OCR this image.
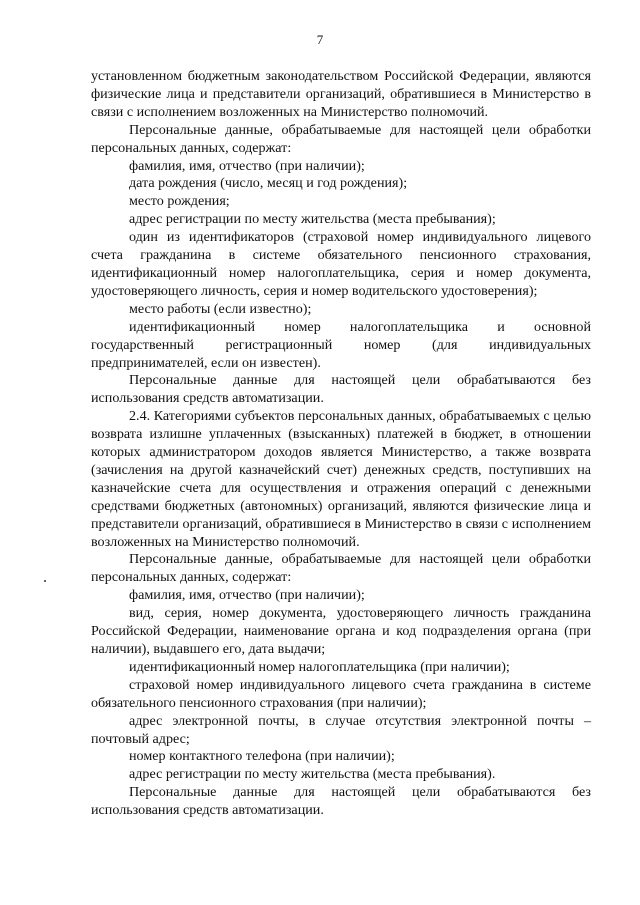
7

установленном бюджетным законодательством Российской Федерации, являются физические лица и представители организаций, обратившиеся в Министерство в связи с исполнением возложенных на Министерство полномочий.

Персональные данные, обрабатываемые для настоящей цели обработки персональных данных, содержат:

фамилия, имя, отчество (при наличии);

дата рождения (число, месяц и год рождения);

место рождения;

адрес регистрации по месту жительства (места пребывания);

один из идентификаторов (страховой номер индивидуального лицевого счета гражданина в системе обязательного пенсионного страхования, идентификационный номер налогоплательщика, серия и номер документа, удостоверяющего личность, серия и номер водительского удостоверения);

место работы (если известно);

идентификационный номер налогоплательщика и основной государственный регистрационный номер (для индивидуальных предпринимателей, если он известен).

Персональные данные для настоящей цели обрабатываются без использования средств автоматизации.

2.4. Категориями субъектов персональных данных, обрабатываемых с целью возврата излишне уплаченных (взысканных) платежей в бюджет, в отношении которых администратором доходов является Министерство, а также возврата (зачисления на другой казначейский счет) денежных средств, поступивших на казначейские счета для осуществления и отражения операций с денежными средствами бюджетных (автономных) организаций, являются физические лица и представители организаций, обратившиеся в Министерство в связи с исполнением возложенных на Министерство полномочий.

Персональные данные, обрабатываемые для настоящей цели обработки персональных данных, содержат:

фамилия, имя, отчество (при наличии);

вид, серия, номер документа, удостоверяющего личность гражданина Российской Федерации, наименование органа и код подразделения органа (при наличии), выдавшего его, дата выдачи;

идентификационный номер налогоплательщика (при наличии);

страховой номер индивидуального лицевого счета гражданина в системе обязательного пенсионного страхования (при наличии);

адрес электронной почты, в случае отсутствия электронной почты – почтовый адрес;

номер контактного телефона (при наличии);

адрес регистрации по месту жительства (места пребывания).

Персональные данные для настоящей цели обрабатываются без использования средств автоматизации.
